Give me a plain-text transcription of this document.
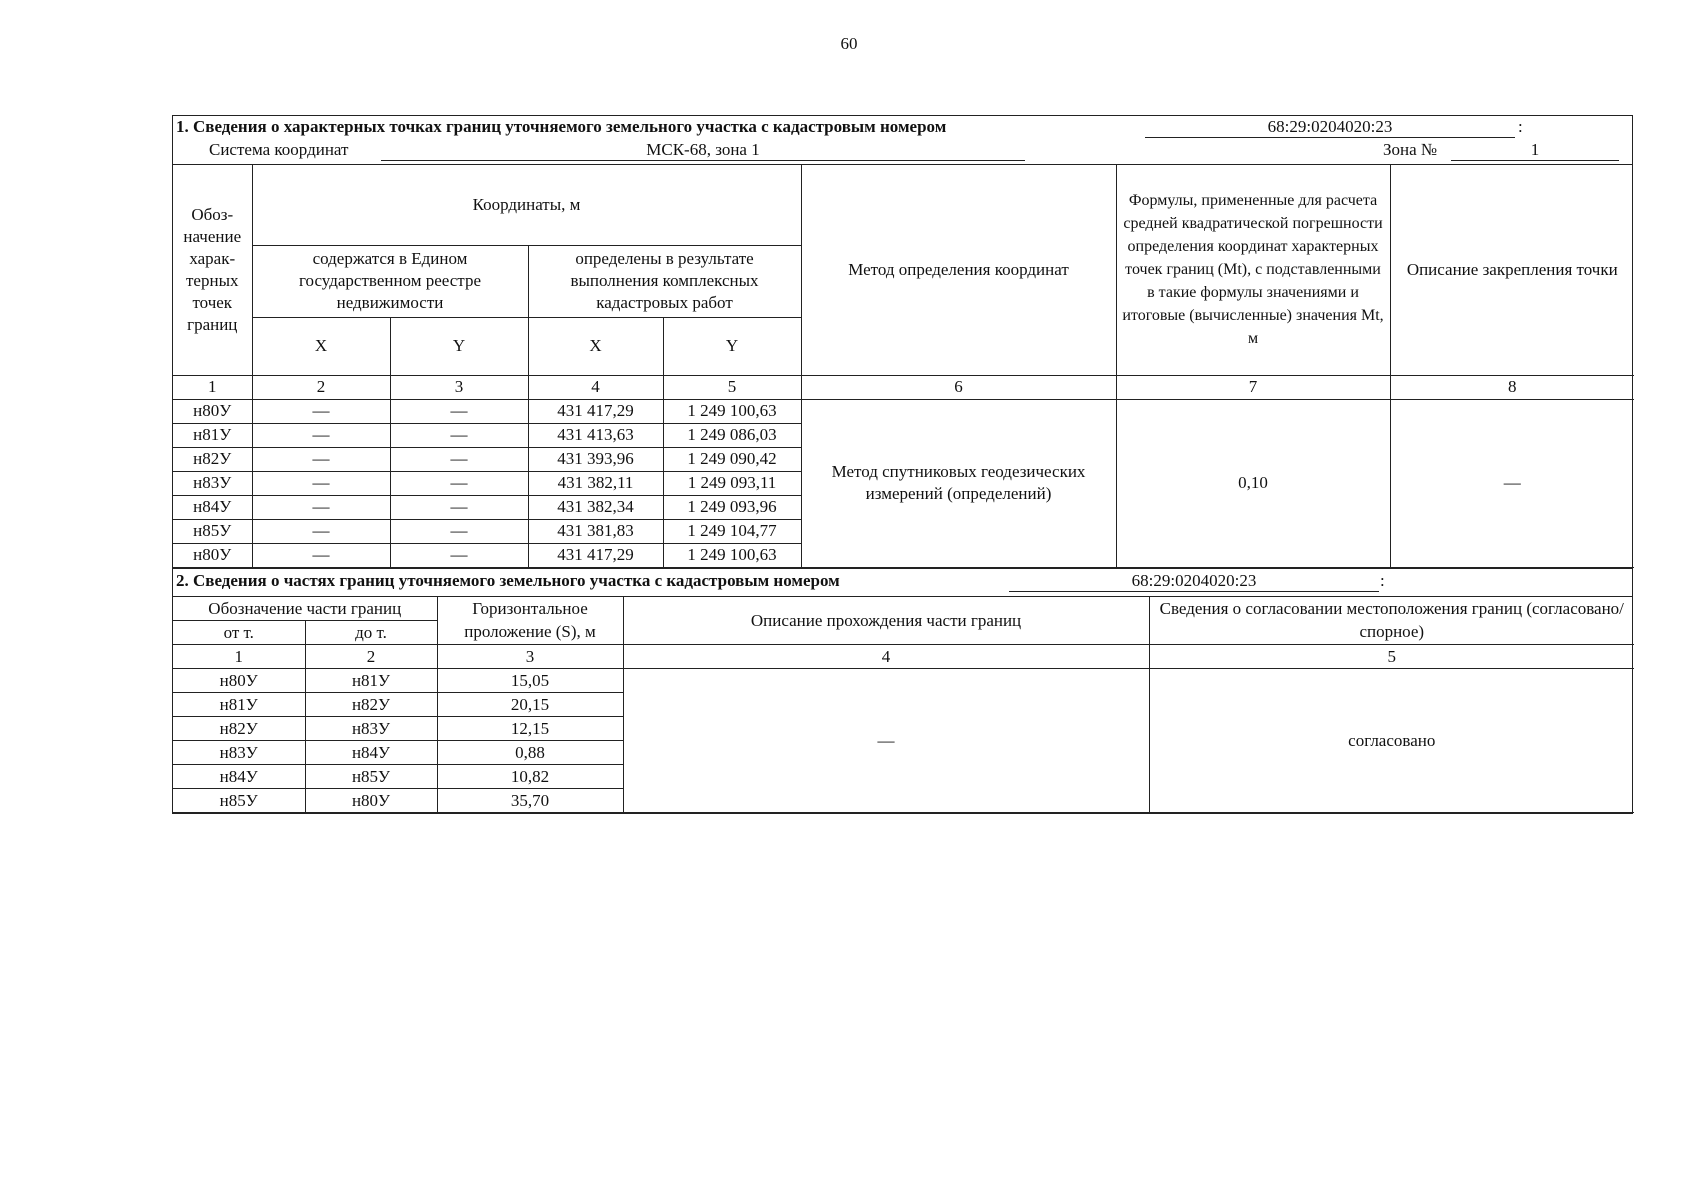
60
1. Сведения о характерных точках границ уточняемого земельного участка с кадастровым номером	68:29:0204020:23	:
Система координат	МСК-68, зона 1	Зона №	1
Обоз-начение харак-терных точек границ	Координаты, м				Метод определения координат	Формулы, примененные для расчета средней квадратической погрешности определения координат характерных точек границ (Mt), с подставленными в такие формулы значениями и итоговые (вычисленные) значения Mt, м	Описание закрепления точки
	содержатся в Едином государственном реестре недвижимости		определены в результате выполнения комплексных кадастровых работ				
	X	Y	X	Y			
1	2	3	4	5	6	7	8
н80У	—	—	431 417,29	1 249 100,63	Метод спутниковых геодезических измерений (определений)	0,10	—
н81У	—	—	431 413,63	1 249 086,03			
н82У	—	—	431 393,96	1 249 090,42			
н83У	—	—	431 382,11	1 249 093,11			
н84У	—	—	431 382,34	1 249 093,96			
н85У	—	—	431 381,83	1 249 104,77			
н80У	—	—	431 417,29	1 249 100,63			
2. Сведения о частях границ уточняемого земельного участка с кадастровым номером	68:29:0204020:23	:
Обозначение части границ		Горизонтальное проложение (S), м	Описание прохождения части границ	Сведения о согласовании местоположения границ (согласовано/спорное)
от т.	до т.			
1	2	3	4	5
н80У	н81У	15,05	—	согласовано
н81У	н82У	20,15		
н82У	н83У	12,15		
н83У	н84У	0,88		
н84У	н85У	10,82		
н85У	н80У	35,70		
